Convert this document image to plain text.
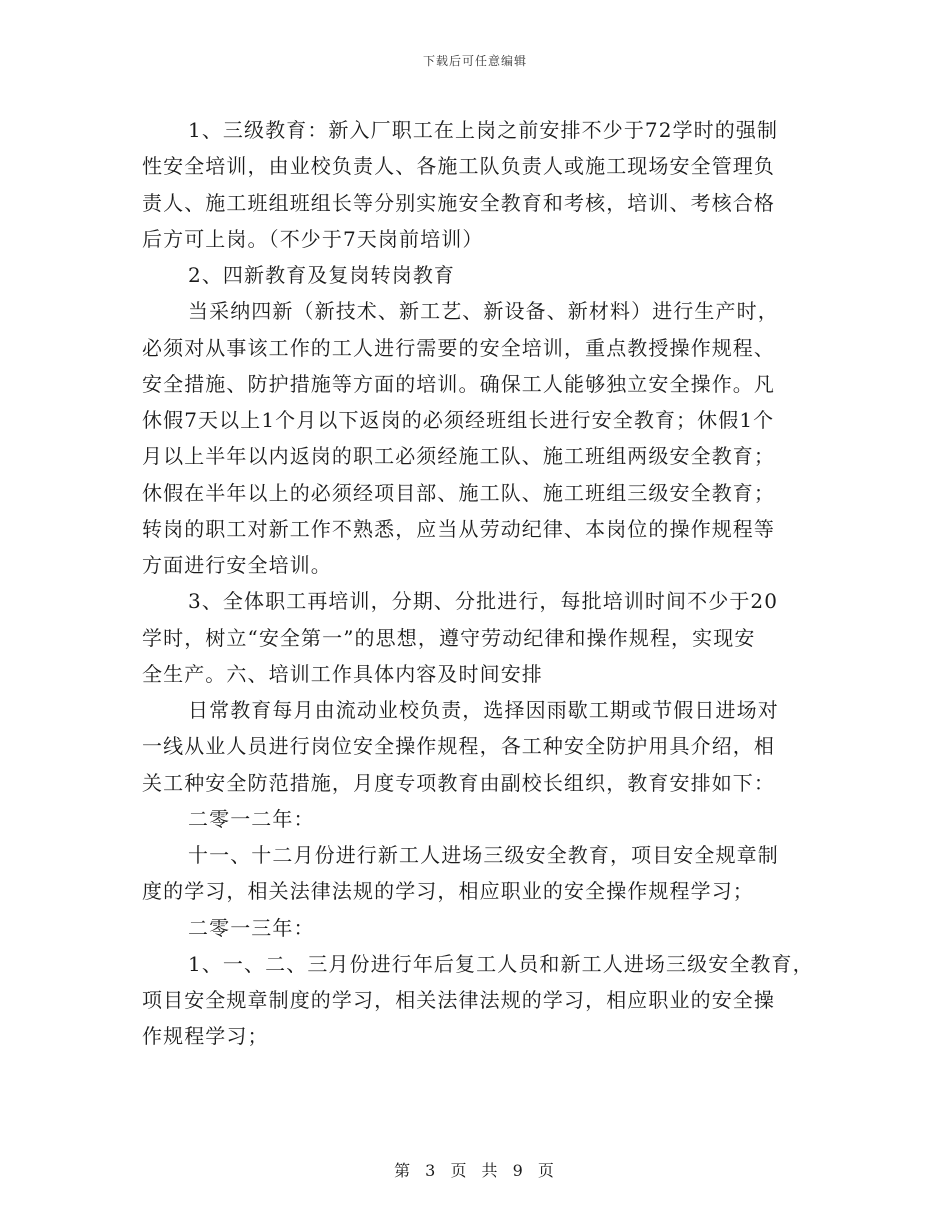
下载后可任意编辑
1、三级教育：新入厂职工在上岗之前安排不少于72学时的强制
性安全培训，由业校负责人、各施工队负责人或施工现场安全管理负
责人、施工班组班组长等分别实施安全教育和考核，培训、考核合格
后方可上岗。（不少于7天岗前培训）
2、四新教育及复岗转岗教育
当采纳四新（新技术、新工艺、新设备、新材料）进行生产时，
必须对从事该工作的工人进行需要的安全培训，重点教授操作规程、
安全措施、防护措施等方面的培训。确保工人能够独立安全操作。凡
休假7天以上1个月以下返岗的必须经班组长进行安全教育；休假1个
月以上半年以内返岗的职工必须经施工队、施工班组两级安全教育；
休假在半年以上的必须经项目部、施工队、施工班组三级安全教育；
转岗的职工对新工作不熟悉，应当从劳动纪律、本岗位的操作规程等
方面进行安全培训。
3、全体职工再培训，分期、分批进行，每批培训时间不少于20
学时，树立“安全第一”的思想，遵守劳动纪律和操作规程，实现安
全生产。六、培训工作具体内容及时间安排
日常教育每月由流动业校负责，选择因雨歇工期或节假日进场对
一线从业人员进行岗位安全操作规程，各工种安全防护用具介绍，相
关工种安全防范措施，月度专项教育由副校长组织，教育安排如下：
二零一二年：
十一、十二月份进行新工人进场三级安全教育，项目安全规章制
度的学习，相关法律法规的学习，相应职业的安全操作规程学习；
二零一三年：
1、一、二、三月份进行年后复工人员和新工人进场三级安全教育，
项目安全规章制度的学习，相关法律法规的学习，相应职业的安全操
作规程学习；
第 3 页 共 9 页
